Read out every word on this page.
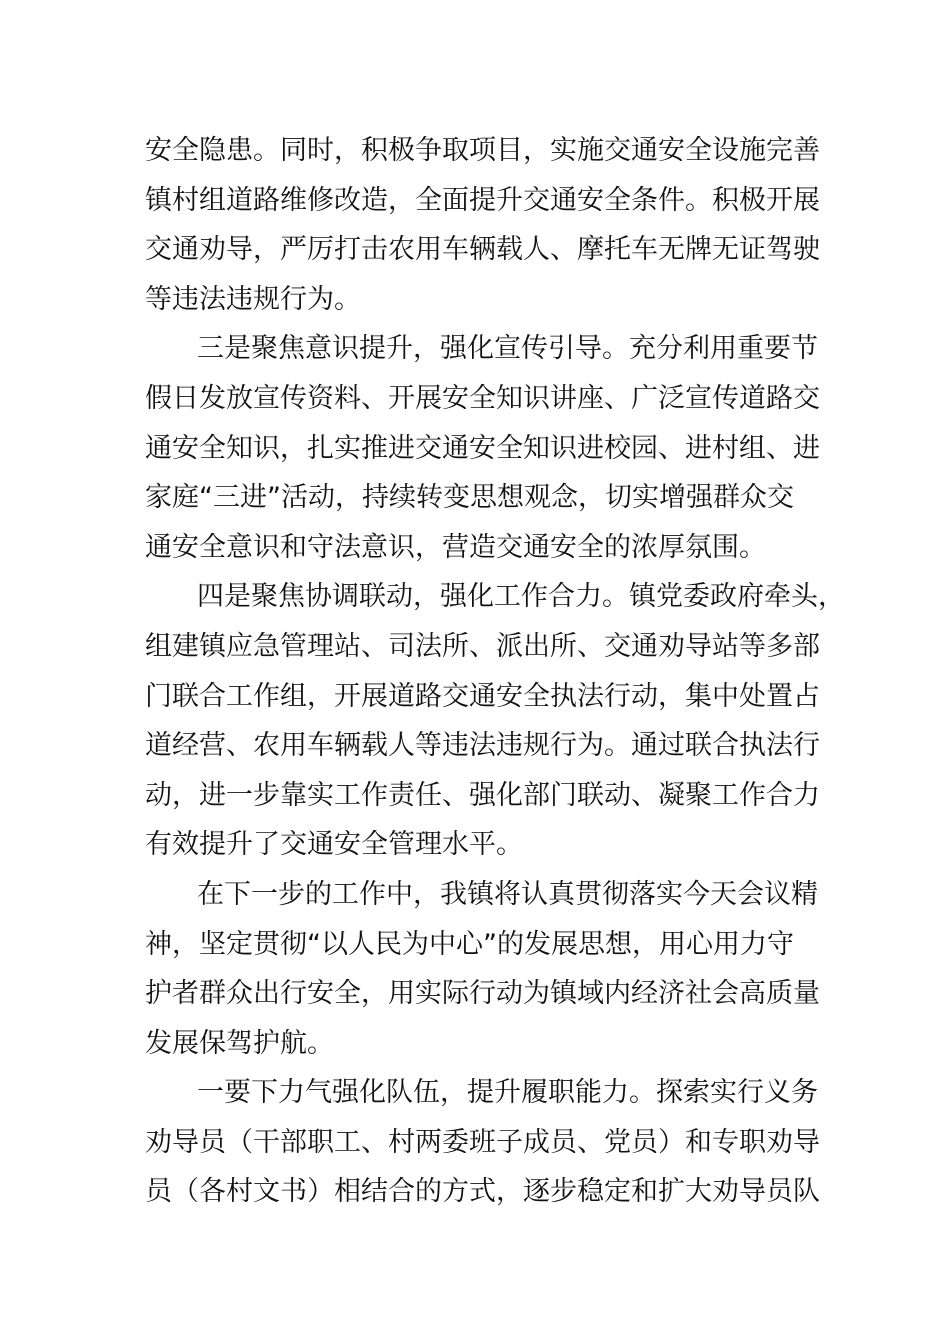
安全隐患。同时，积极争取项目，实施交通安全设施完善
镇村组道路维修改造，全面提升交通安全条件。积极开展
交通劝导，严厉打击农用车辆载人、摩托车无牌无证驾驶
等违法违规行为。
三是聚焦意识提升，强化宣传引导。充分利用重要节
假日发放宣传资料、开展安全知识讲座、广泛宣传道路交
通安全知识，扎实推进交通安全知识进校园、进村组、进
家庭“三进”活动，持续转变思想观念，切实增强群众交
通安全意识和守法意识，营造交通安全的浓厚氛围。
四是聚焦协调联动，强化工作合力。镇党委政府牵头，
组建镇应急管理站、司法所、派出所、交通劝导站等多部
门联合工作组，开展道路交通安全执法行动，集中处置占
道经营、农用车辆载人等违法违规行为。通过联合执法行
动，进一步靠实工作责任、强化部门联动、凝聚工作合力
有效提升了交通安全管理水平。
在下一步的工作中，我镇将认真贯彻落实今天会议精
神，坚定贯彻“以人民为中心”的发展思想，用心用力守
护者群众出行安全，用实际行动为镇域内经济社会高质量
发展保驾护航。
一要下力气强化队伍，提升履职能力。探索实行义务
劝导员（干部职工、村两委班子成员、党员）和专职劝导
员（各村文书）相结合的方式，逐步稳定和扩大劝导员队
